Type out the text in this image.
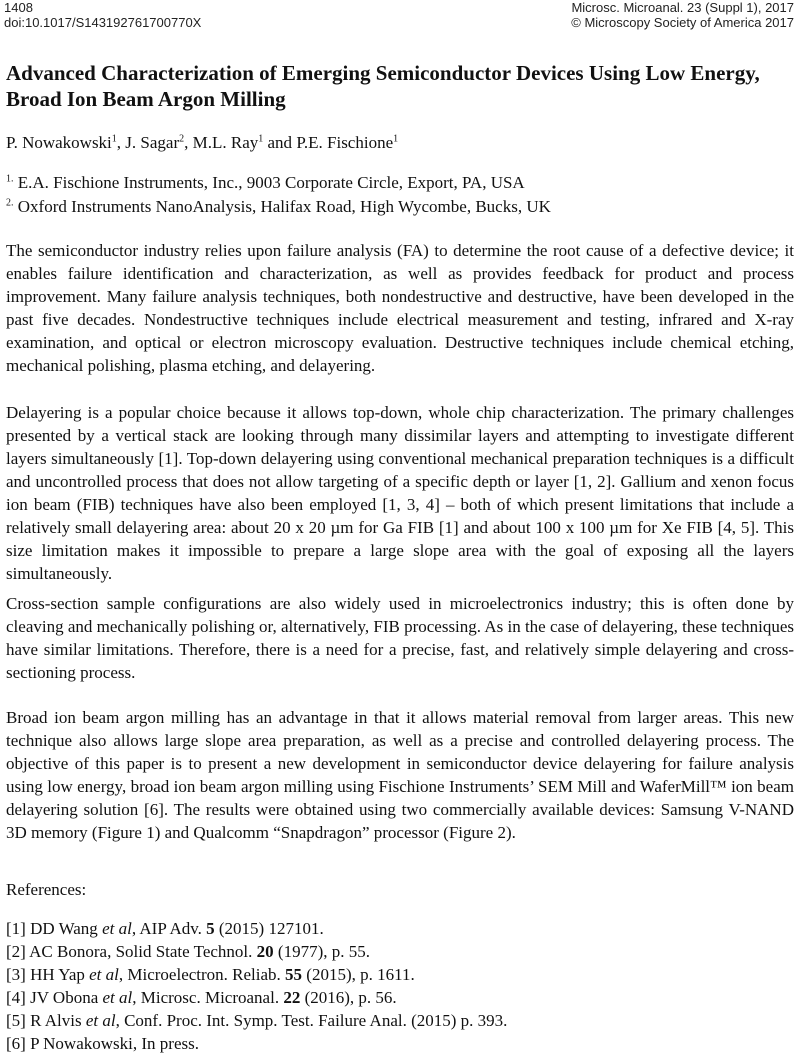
1408
doi:10.1017/S143192761700770X
Microsc. Microanal. 23 (Suppl 1), 2017
© Microscopy Society of America 2017
Advanced Characterization of Emerging Semiconductor Devices Using Low Energy, Broad Ion Beam Argon Milling
P. Nowakowski$^1$, J. Sagar$^2$, M.L. Ray$^1$ and P.E. Fischione$^1$
$^{1.}$ E.A. Fischione Instruments, Inc., 9003 Corporate Circle, Export, PA, USA
$^{2.}$ Oxford Instruments NanoAnalysis, Halifax Road, High Wycombe, Bucks, UK

The semiconductor industry relies upon failure analysis (FA) to determine the root cause of a defective device; it enables failure identification and characterization, as well as provides feedback for product and process improvement. Many failure analysis techniques, both nondestructive and destructive, have been developed in the past five decades. Nondestructive techniques include electrical measurement and testing, infrared and X-ray examination, and optical or electron microscopy evaluation. Destructive techniques include chemical etching, mechanical polishing, plasma etching, and delayering.

Delayering is a popular choice because it allows top-down, whole chip characterization. The primary challenges presented by a vertical stack are looking through many dissimilar layers and attempting to investigate different layers simultaneously [1]. Top-down delayering using conventional mechanical preparation techniques is a difficult and uncontrolled process that does not allow targeting of a specific depth or layer [1, 2]. Gallium and xenon focus ion beam (FIB) techniques have also been employed [1, 3, 4] – both of which present limitations that include a relatively small delayering area: about 20 x 20 µm for Ga FIB [1] and about 100 x 100 µm for Xe FIB [4, 5]. This size limitation makes it impossible to prepare a large slope area with the goal of exposing all the layers simultaneously.

Cross-section sample configurations are also widely used in microelectronics industry; this is often done by cleaving and mechanically polishing or, alternatively, FIB processing. As in the case of delayering, these techniques have similar limitations. Therefore, there is a need for a precise, fast, and relatively simple delayering and cross-sectioning process.

Broad ion beam argon milling has an advantage in that it allows material removal from larger areas. This new technique also allows large slope area preparation, as well as a precise and controlled delayering process. The objective of this paper is to present a new development in semiconductor device delayering for failure analysis using low energy, broad ion beam argon milling using Fischione Instruments’ SEM Mill and WaferMill™ ion beam delayering solution [6]. The results were obtained using two commercially available devices: Samsung V-NAND 3D memory (Figure 1) and Qualcomm “Snapdragon” processor (Figure 2).

References:
[1] DD Wang et al, AIP Adv. 5 (2015) 127101.
[2] AC Bonora, Solid State Technol. 20 (1977), p. 55.
[3] HH Yap et al, Microelectron. Reliab. 55 (2015), p. 1611.
[4] JV Obona et al, Microsc. Microanal. 22 (2016), p. 56.
[5] R Alvis et al, Conf. Proc. Int. Symp. Test. Failure Anal. (2015) p. 393.
[6] P Nowakowski, In press.
